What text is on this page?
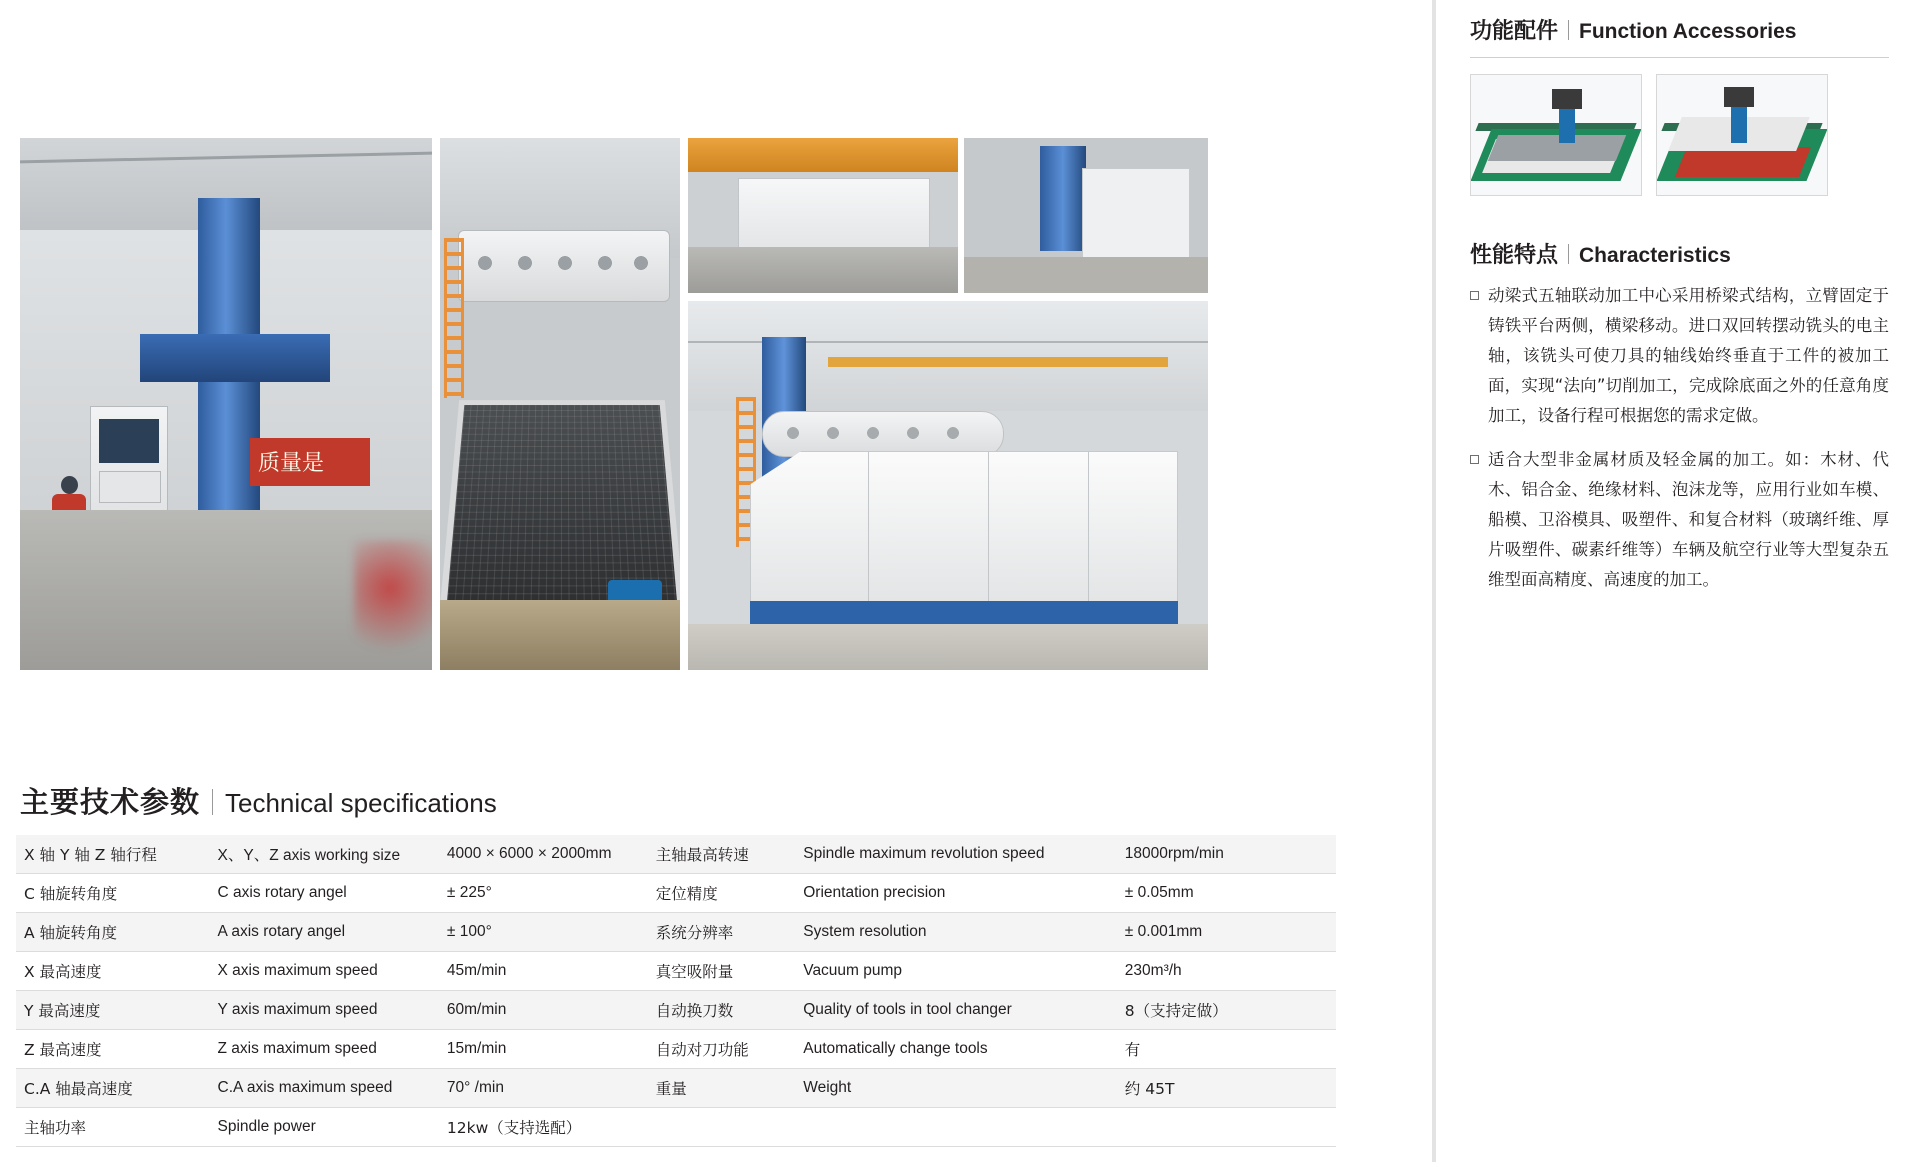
质量是
主要技术参数 Technical specifications
X 轴 Y 轴 Z 轴行程	X、Y、Z axis working size	4000 × 6000 × 2000mm	主轴最高转速	Spindle maximum revolution speed	18000rpm/min
C 轴旋转角度	C axis rotary angel	± 225°	定位精度	Orientation precision	± 0.05mm
A 轴旋转角度	A axis rotary angel	± 100°	系统分辨率	System resolution	± 0.001mm
X 最高速度	X axis maximum speed	45m/min	真空吸附量	Vacuum pump	230m³/h
Y 最高速度	Y axis maximum speed	60m/min	自动换刀数	Quality of tools in tool changer	8（支持定做）
Z 最高速度	Z axis maximum speed	15m/min	自动对刀功能	Automatically change tools	有
C.A 轴最高速度	C.A axis maximum speed	70° /min	重量	Weight	约 45T
主轴功率	Spindle power	12kw（支持选配）			
功能配件 Function Accessories
性能特点 Characteristics
动梁式五轴联动加工中心采用桥梁式结构，立臂固定于铸铁平台两侧，横梁移动。进口双回转摆动铣头的电主轴，该铣头可使刀具的轴线始终垂直于工件的被加工面，实现“法向”切削加工，完成除底面之外的任意角度加工，设备行程可根据您的需求定做。
适合大型非金属材质及轻金属的加工。如：木材、代木、铝合金、绝缘材料、泡沫龙等，应用行业如车模、船模、卫浴模具、吸塑件、和复合材料（玻璃纤维、厚片吸塑件、碳素纤维等）车辆及航空行业等大型复杂五维型面高精度、高速度的加工。
